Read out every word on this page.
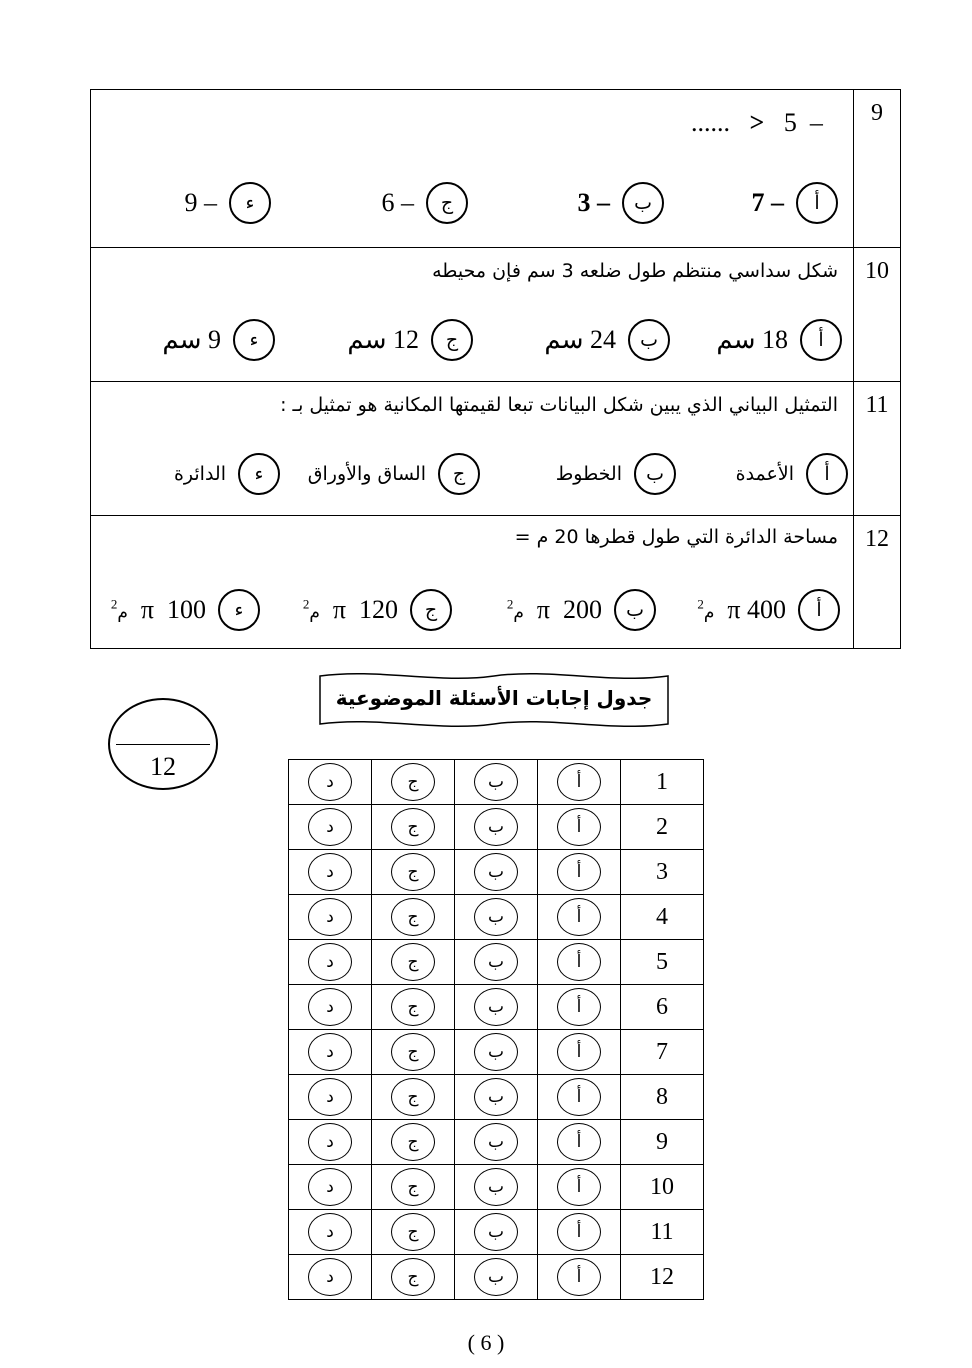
9
...... > 5 –
أ
– 7
ب
– 3
ج
– 6
ء
– 9
10
شكل سداسي منتظم طول ضلعه 3 سم فإن محيطه
أ
18 سم
ب
24 سم
ج
12 سم
ء
9 سم
11
التمثيل البياني الذي يبين شكل البيانات تبعا لقيمتها المكانية هو تمثيل بـ :
أ
الأعمدة
ب
الخطوط
ج
الساق والأوراق
ء
الدائرة
12
مساحة الدائرة التي طول قطرها 20 م =
أ
400 π  م$^2$
ب
200  π  م$^2$
ج
120  π  م$^2$
ء
100  π  م$^2$
12
جدول إجابات الأسئلة الموضوعية
د	ج	ب	أ	1
د	ج	ب	أ	2
د	ج	ب	أ	3
د	ج	ب	أ	4
د	ج	ب	أ	5
د	ج	ب	أ	6
د	ج	ب	أ	7
د	ج	ب	أ	8
د	ج	ب	أ	9
د	ج	ب	أ	10
د	ج	ب	أ	11
د	ج	ب	أ	12
( 6 )
